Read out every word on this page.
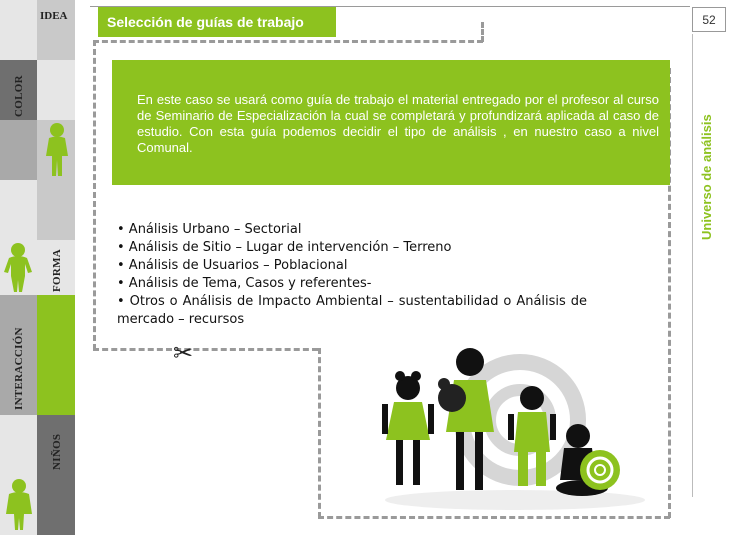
IDEA
COLOR
FORMA
INTERACCIÓN
NIÑOS
Selección de guías de trabajo	52
Universo de análisis
En este caso se usará como guía de trabajo el material entregado por el profesor al curso de Seminario de Especialización la cual se completará y profundizará aplicada al caso de estudio. Con esta guía podemos decidir el tipo de análisis , en nuestro caso a nivel Comunal.
• Análisis Urbano – Sectorial
• Análisis de Sitio – Lugar de intervención – Terreno
• Análisis de Usuarios – Poblacional
• Análisis de Tema, Casos y referentes-
• Otros o Análisis de Impacto Ambiental – sustentabilidad o Análisis de mercado – recursos
✂
